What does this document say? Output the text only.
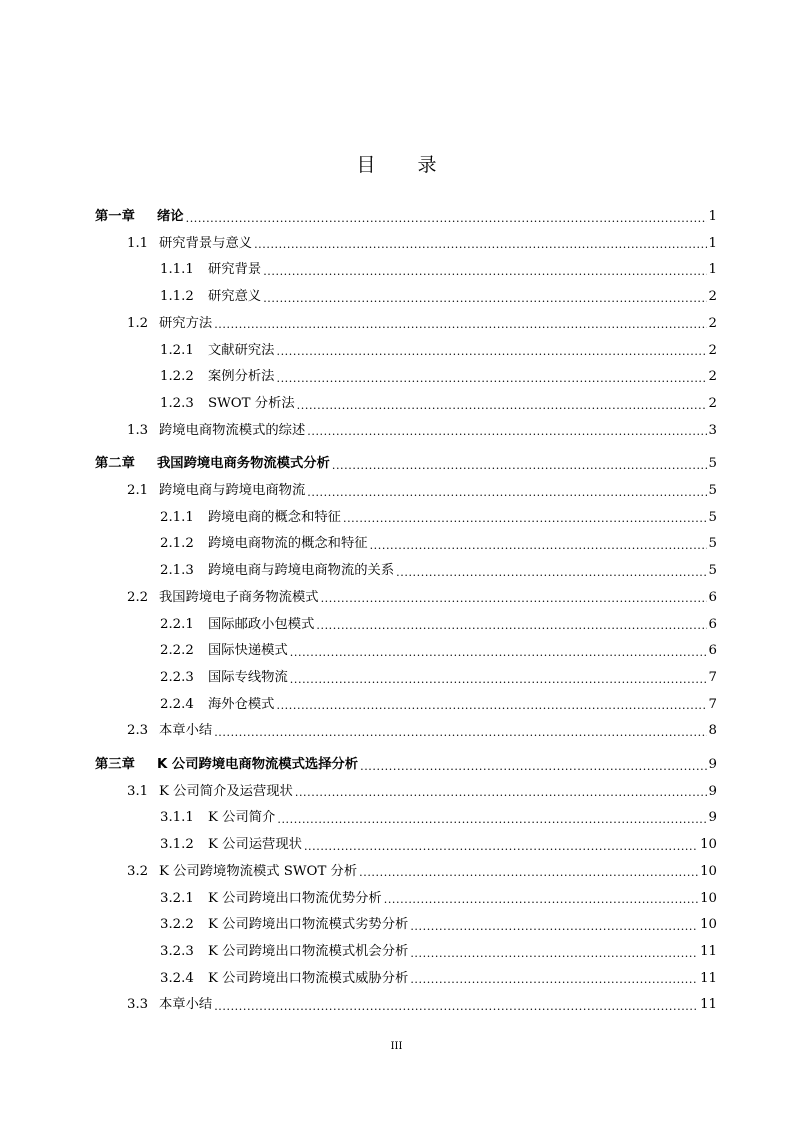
目 录
第一章	绪论 .....	1
1.1 研究背景与意义 .....	1
1.1.1	研究背景 .....	1
1.1.2	研究意义 .....	2
1.2 研究方法 .....	2
1.2.1	文献研究法 .....	2
1.2.2	案例分析法 .....	2
1.2.3	SWOT 分析法 .....	2
1.3 跨境电商物流模式的综述 .....	3
第二章	我国跨境电商务物流模式分析 .....	5
2.1 跨境电商与跨境电商物流 .....	5
2.1.1	跨境电商的概念和特征 .....	5
2.1.2	跨境电商物流的概念和特征 .....	5
2.1.3	跨境电商与跨境电商物流的关系 .....	5
2.2 我国跨境电子商务物流模式 .....	6
2.2.1	国际邮政小包模式 .....	6
2.2.2	国际快递模式 .....	6
2.2.3	国际专线物流 .....	7
2.2.4	海外仓模式 .....	7
2.3 本章小结 .....	8
第三章	K 公司跨境电商物流模式选择分析 .....	9
3.1 K 公司简介及运营现状 .....	9
3.1.1	K 公司简介 .....	9
3.1.2	K 公司运营现状 .....	10
3.2 K 公司跨境物流模式 SWOT 分析 .....	10
3.2.1	K 公司跨境出口物流优势分析 .....	10
3.2.2	K 公司跨境出口物流模式劣势分析 .....	10
3.2.3	K 公司跨境出口物流模式机会分析 .....	11
3.2.4	K 公司跨境出口物流模式威胁分析 .....	11
3.3 本章小结 .....	11
III
